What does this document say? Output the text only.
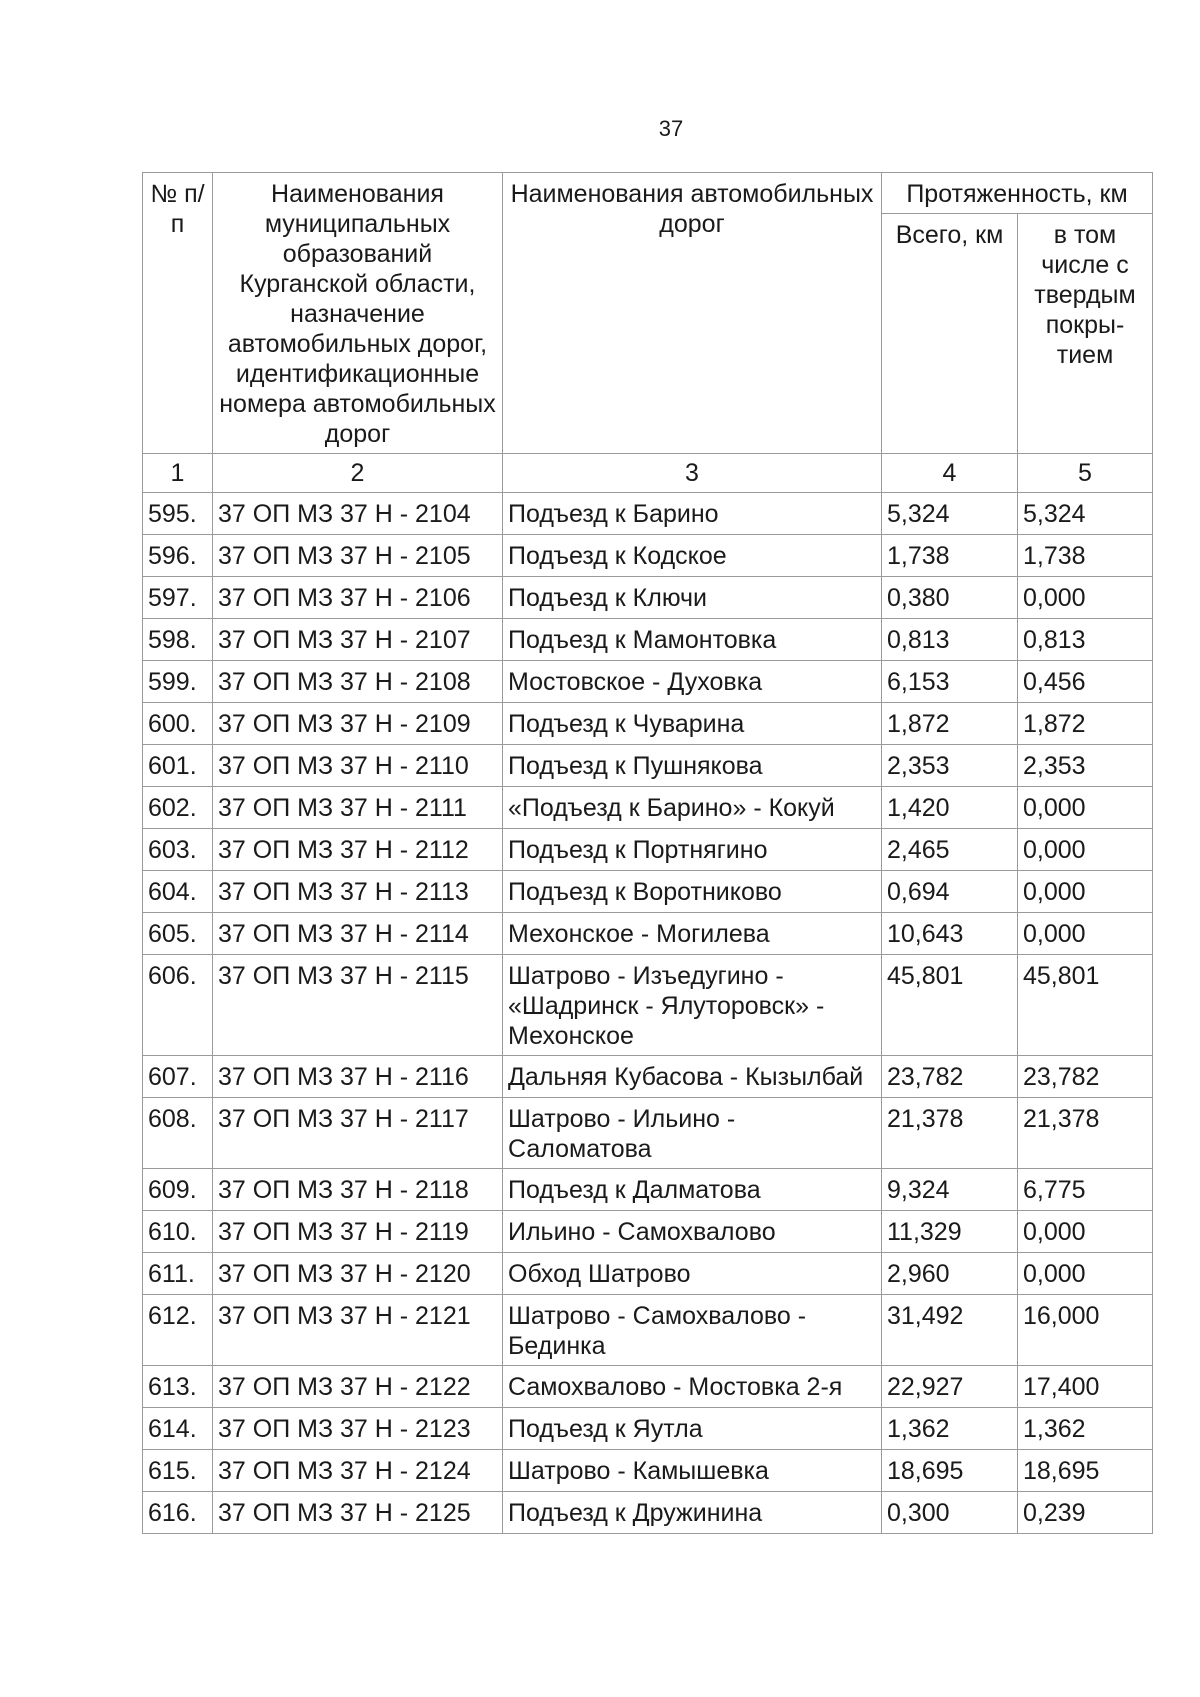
37
№ п/п	Наименования муниципальных образований Курганской области, назначение автомобильных дорог, идентификационные номера автомобильных дорог	Наименования автомобильных дорог	Протяженность, км	
			Всего, км	в том числе с твердым покры- тием
1	2	3	4	5
595.	37 ОП МЗ 37 Н - 2104	Подъезд к Барино	5,324	5,324
596.	37 ОП МЗ 37 Н - 2105	Подъезд к Кодское	1,738	1,738
597.	37 ОП МЗ 37 Н - 2106	Подъезд к Ключи	0,380	0,000
598.	37 ОП МЗ 37 Н - 2107	Подъезд к Мамонтовка	0,813	0,813
599.	37 ОП МЗ 37 Н - 2108	Мостовское - Духовка	6,153	0,456
600.	37 ОП МЗ 37 Н - 2109	Подъезд к Чуварина	1,872	1,872
601.	37 ОП МЗ 37 Н - 2110	Подъезд к Пушнякова	2,353	2,353
602.	37 ОП МЗ 37 Н - 2111	«Подъезд к Барино» - Кокуй	1,420	0,000
603.	37 ОП МЗ 37 Н - 2112	Подъезд к Портнягино	2,465	0,000
604.	37 ОП МЗ 37 Н - 2113	Подъезд к Воротниково	0,694	0,000
605.	37 ОП МЗ 37 Н - 2114	Мехонское - Могилева	10,643	0,000
606.	37 ОП МЗ 37 Н - 2115	Шатрово - Изъедугино - «Шадринск - Ялуторовск» - Мехонское	45,801	45,801
607.	37 ОП МЗ 37 Н - 2116	Дальняя Кубасова - Кызылбай	23,782	23,782
608.	37 ОП МЗ 37 Н - 2117	Шатрово - Ильино - Саломатова	21,378	21,378
609.	37 ОП МЗ 37 Н - 2118	Подъезд к Далматова	9,324	6,775
610.	37 ОП МЗ 37 Н - 2119	Ильино - Самохвалово	11,329	0,000
611.	37 ОП МЗ 37 Н - 2120	Обход Шатрово	2,960	0,000
612.	37 ОП МЗ 37 Н - 2121	Шатрово - Самохвалово - Бединка	31,492	16,000
613.	37 ОП МЗ 37 Н - 2122	Самохвалово - Мостовка 2-я	22,927	17,400
614.	37 ОП МЗ 37 Н - 2123	Подъезд к Яутла	1,362	1,362
615.	37 ОП МЗ 37 Н - 2124	Шатрово - Камышевка	18,695	18,695
616.	37 ОП МЗ 37 Н - 2125	Подъезд к Дружинина	0,300	0,239
